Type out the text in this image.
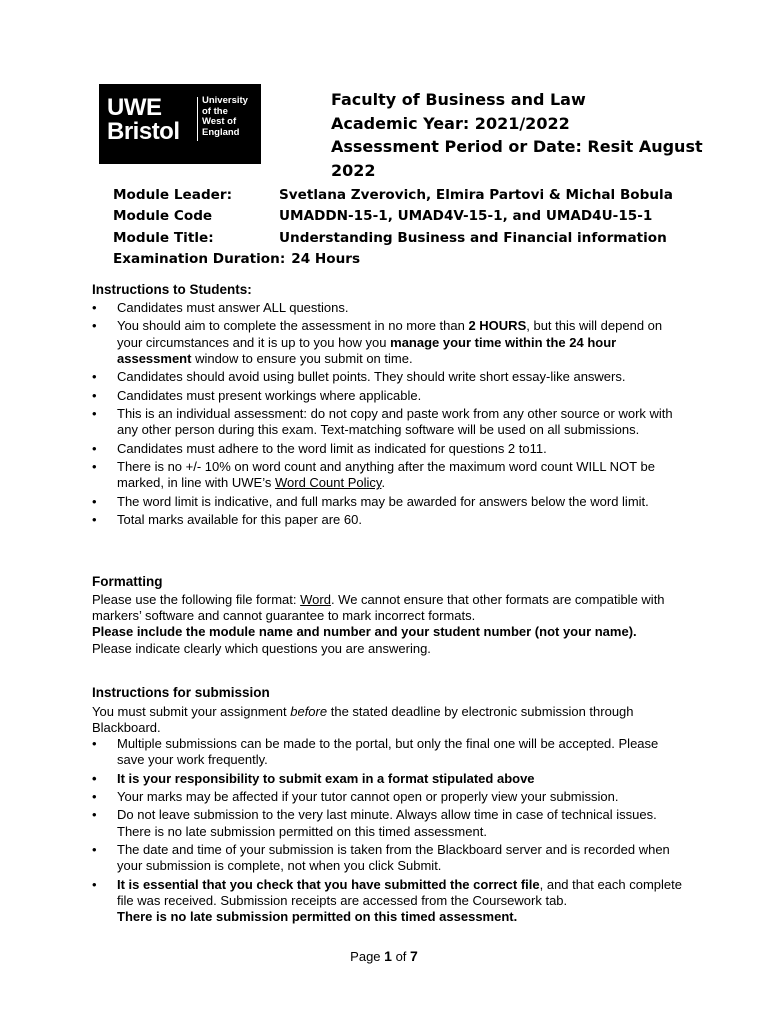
UWE
Bristol
University
of the
West of
England
Faculty of Business and Law
Academic Year: 2021/2022
Assessment Period or Date: Resit August
2022
Module Leader:	Svetlana Zverovich, Elmira Partovi & Michal Bobula
Module Code	UMADDN-15-1, UMAD4V-15-1, and UMAD4U-15-1
Module Title:	Understanding Business and Financial information
Examination Duration: 24 Hours
Instructions to Students:
• Candidates must answer ALL questions.
• You should aim to complete the assessment in no more than 2 HOURS, but this will depend on your circumstances and it is up to you how you manage your time within the 24 hour assessment window to ensure you submit on time.
• Candidates should avoid using bullet points. They should write short essay-like answers.
• Candidates must present workings where applicable.
• This is an individual assessment: do not copy and paste work from any other source or work with any other person during this exam. Text-matching software will be used on all submissions.
• Candidates must adhere to the word limit as indicated for questions 2 to11.
• There is no +/- 10% on word count and anything after the maximum word count WILL NOT be marked, in line with UWE’s Word Count Policy.
• The word limit is indicative, and full marks may be awarded for answers below the word limit.
• Total marks available for this paper are 60.
Formatting
Please use the following file format: Word. We cannot ensure that other formats are compatible with markers’ software and cannot guarantee to mark incorrect formats.
Please include the module name and number and your student number (not your name).
Please indicate clearly which questions you are answering.
Instructions for submission
You must submit your assignment before the stated deadline by electronic submission through Blackboard.
• Multiple submissions can be made to the portal, but only the final one will be accepted. Please save your work frequently.
• It is your responsibility to submit exam in a format stipulated above
• Your marks may be affected if your tutor cannot open or properly view your submission.
• Do not leave submission to the very last minute. Always allow time in case of technical issues. There is no late submission permitted on this timed assessment.
• The date and time of your submission is taken from the Blackboard server and is recorded when your submission is complete, not when you click Submit.
• It is essential that you check that you have submitted the correct file, and that each complete file was received. Submission receipts are accessed from the Coursework tab.
There is no late submission permitted on this timed assessment.
Page 1 of 7
